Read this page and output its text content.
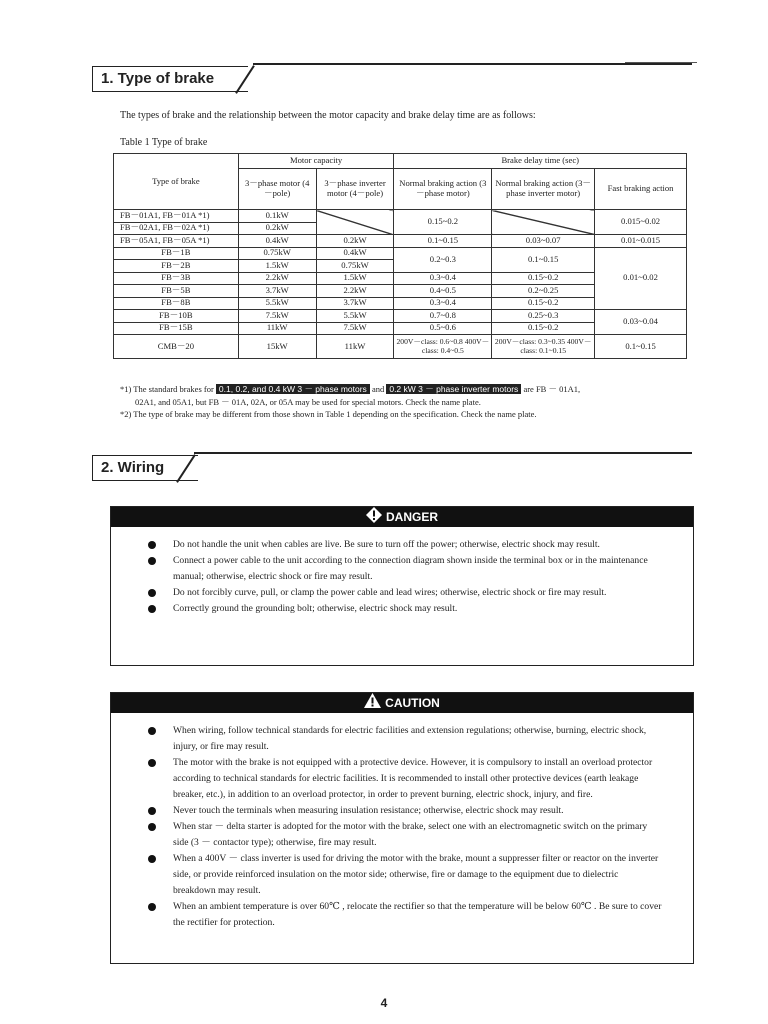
1. Type of brake
The types of brake and the relationship between the motor capacity and brake delay time are as follows:
Table 1 Type of brake
Type of brake	Motor capacity		Brake delay time (sec)		
	3－phase motor (4－pole)	3－phase inverter motor (4－pole)	Normal braking action (3－phase motor)	Normal braking action (3－phase inverter motor)	Fast braking action
FB－01A1, FB－01A *1)	0.1kW		0.15~0.2		0.015~0.02
FB－02A1, FB－02A *1)	0.2kW				
FB－05A1, FB－05A *1)	0.4kW	0.2kW	0.1~0.15	0.03~0.07	0.01~0.015
FB－1B	0.75kW	0.4kW	0.2~0.3	0.1~0.15	0.01~0.02
FB－2B	1.5kW	0.75kW			
FB－3B	2.2kW	1.5kW	0.3~0.4	0.15~0.2	
FB－5B	3.7kW	2.2kW	0.4~0.5	0.2~0.25	
FB－8B	5.5kW	3.7kW	0.3~0.4	0.15~0.2	
FB－10B	7.5kW	5.5kW	0.7~0.8	0.25~0.3	0.03~0.04
FB－15B	11kW	7.5kW	0.5~0.6	0.15~0.2	
CMB－20	15kW	11kW	200V－class: 0.6~0.8 400V－class: 0.4~0.5	200V－class: 0.3~0.35 400V－class: 0.1~0.15	0.1~0.15
*1) The standard brakes for 0.1, 0.2, and 0.4 kW 3 － phase motors and 0.2 kW 3 － phase inverter motors are FB － 01A1,
02A1, and 05A1, but FB － 01A, 02A, or 05A may be used for special motors. Check the name plate.
*2) The type of brake may be different from those shown in Table 1 depending on the specification. Check the name plate.
2. Wiring
DANGER
Do not handle the unit when cables are live. Be sure to turn off the power; otherwise, electric shock may result.
Connect a power cable to the unit according to the connection diagram shown inside the terminal box or in the maintenance manual; otherwise, electric shock or fire may result.
Do not forcibly curve, pull, or clamp the power cable and lead wires; otherwise, electric shock or fire may result.
Correctly ground the grounding bolt; otherwise, electric shock may result.
CAUTION
When wiring, follow technical standards for electric facilities and extension regulations; otherwise, burning, electric shock, injury, or fire may result.
The motor with the brake is not equipped with a protective device. However, it is compulsory to install an overload protector according to technical standards for electric facilities. It is recommended to install other protective devices (earth leakage breaker, etc.), in addition to an overload protector, in order to prevent burning, electric shock, injury, and fire.
Never touch the terminals when measuring insulation resistance; otherwise, electric shock may result.
When star － delta starter is adopted for the motor with the brake, select one with an electromagnetic switch on the primary side (3 － contactor type); otherwise, fire may result.
When a 400V － class inverter is used for driving the motor with the brake, mount a suppresser filter or reactor on the inverter side, or provide reinforced insulation on the motor side; otherwise, fire or damage to the equipment due to dielectric breakdown may result.
When an ambient temperature is over 60℃ , relocate the rectifier so that the temperature will be below 60℃ . Be sure to cover the rectifier for protection.
4
